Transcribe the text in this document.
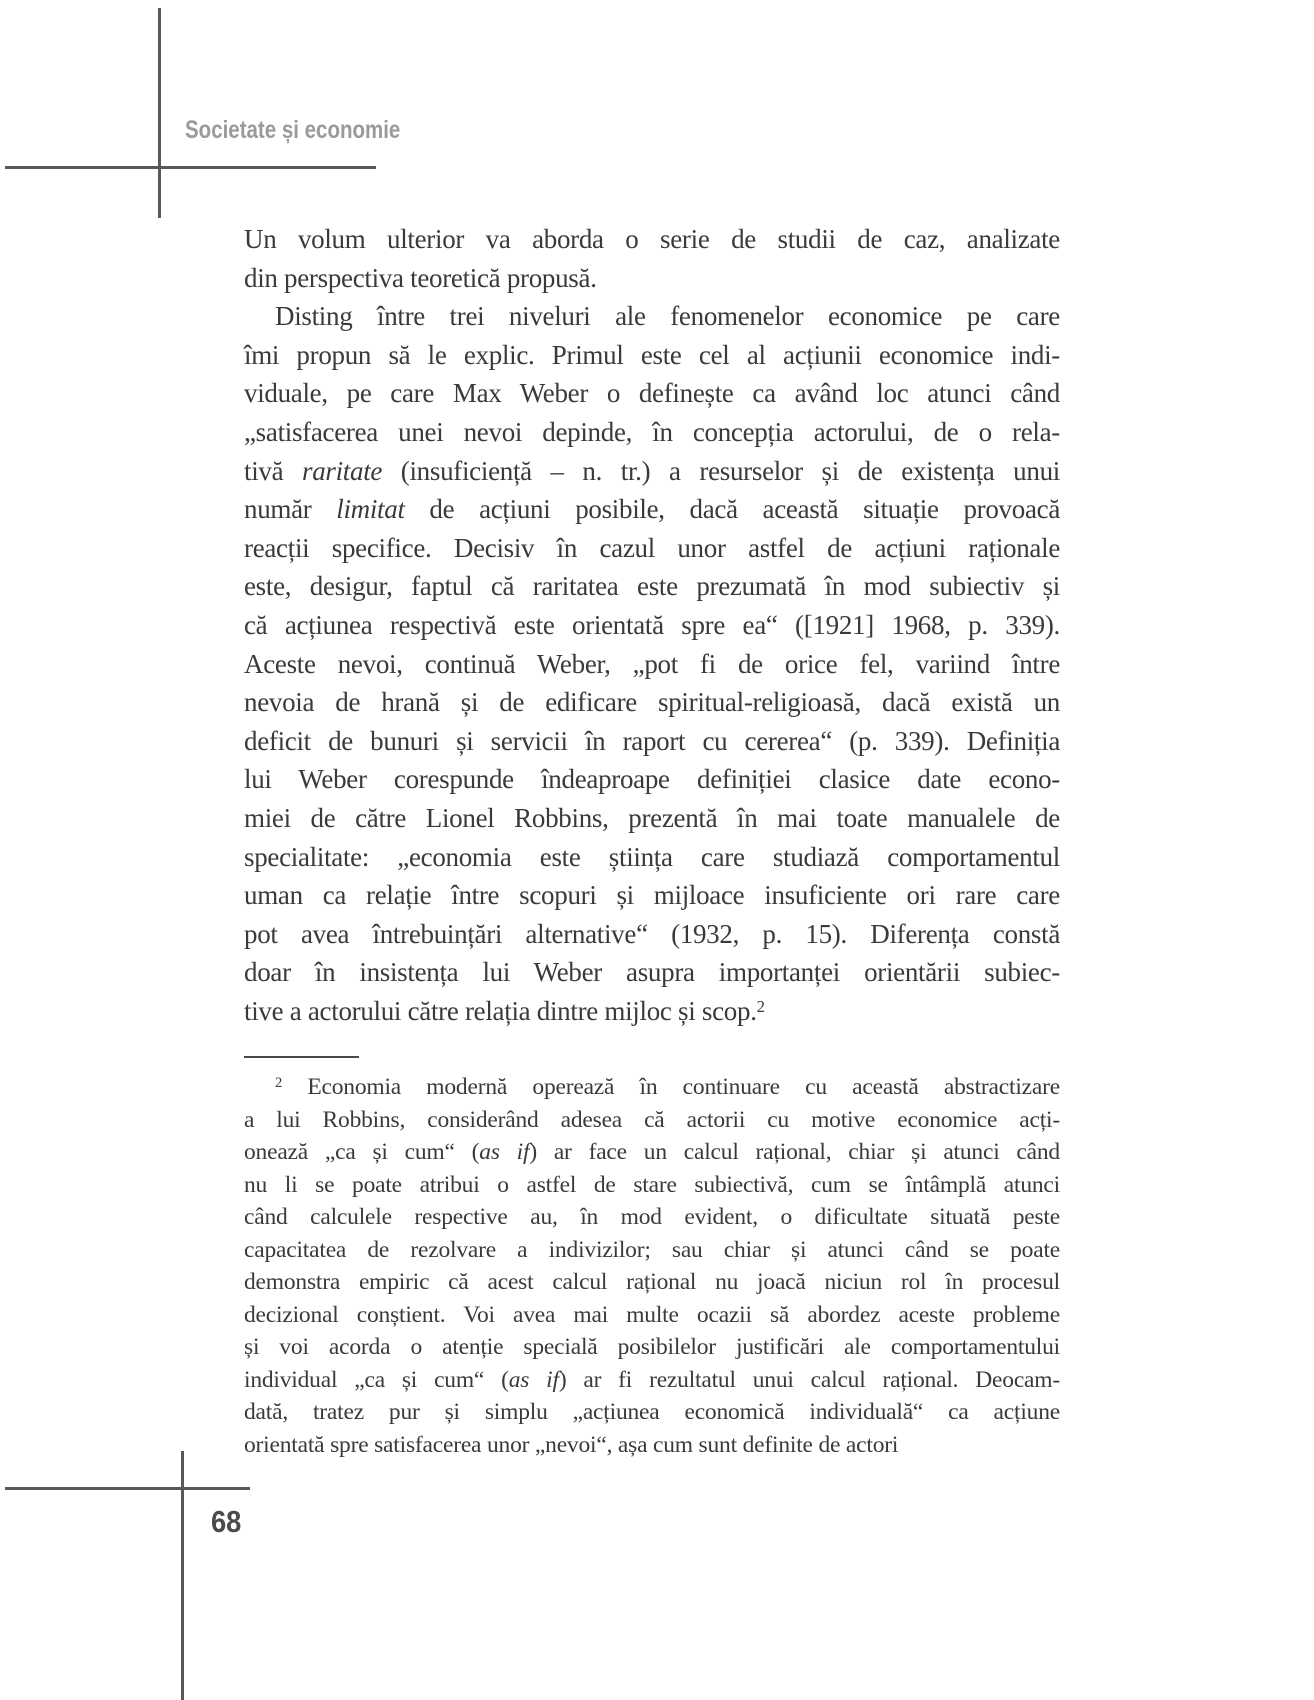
Societate și economie
Un volum ulterior va aborda o serie de studii de caz, analizate
din perspectiva teoretică propusă.
Disting între trei niveluri ale fenomenelor economice pe care
îmi propun să le explic. Primul este cel al acțiunii economice indi-
viduale, pe care Max Weber o definește ca având loc atunci când
„satisfacerea unei nevoi depinde, în concepția actorului, de o rela-
tivă raritate (insuficiență – n. tr.) a resurselor și de existența unui
număr limitat de acțiuni posibile, dacă această situație provoacă
reacții specifice. Decisiv în cazul unor astfel de acțiuni raționale
este, desigur, faptul că raritatea este prezumată în mod subiectiv și
că acțiunea respectivă este orientată spre ea“ ([1921] 1968, p. 339).
Aceste nevoi, continuă Weber, „pot fi de orice fel, variind între
nevoia de hrană și de edificare spiritual-religioasă, dacă există un
deficit de bunuri și servicii în raport cu cererea“ (p. 339). Definiția
lui Weber corespunde îndeaproape definiției clasice date econo-
miei de către Lionel Robbins, prezentă în mai toate manualele de
specialitate: „economia este știința care studiază comportamentul
uman ca relație între scopuri și mijloace insuficiente ori rare care
pot avea întrebuințări alternative“ (1932, p. 15). Diferența constă
doar în insistența lui Weber asupra importanței orientării subiec-
tive a actorului către relația dintre mijloc și scop.$^2$
$^2$ Economia modernă operează în continuare cu această abstractizare
a lui Robbins, considerând adesea că actorii cu motive economice acți-
onează „ca și cum“ (as if) ar face un calcul rațional, chiar și atunci când
nu li se poate atribui o astfel de stare subiectivă, cum se întâmplă atunci
când calculele respective au, în mod evident, o dificultate situată peste
capacitatea de rezolvare a indivizilor; sau chiar și atunci când se poate
demonstra empiric că acest calcul rațional nu joacă niciun rol în procesul
decizional conștient. Voi avea mai multe ocazii să abordez aceste probleme
și voi acorda o atenție specială posibilelor justificări ale comportamentului
individual „ca și cum“ (as if) ar fi rezultatul unui calcul rațional. Deocam-
dată, tratez pur și simplu „acțiunea economică individuală“ ca acțiune
orientată spre satisfacerea unor „nevoi“, așa cum sunt definite de actori
68
